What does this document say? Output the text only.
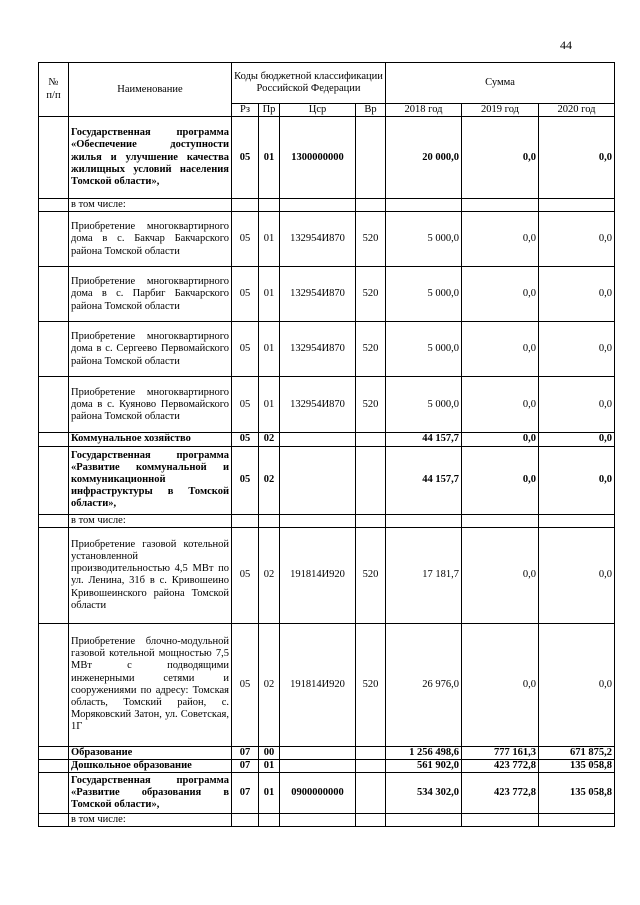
44
№
п/п	Наименование	Коды бюджетной классификации Российской Федерации				Сумма		
		Рз	Пр	Цср	Вр	2018 год	2019 год	2020 год
	Государственная программа «Обеспечение доступности жилья и улучшение качества жилищных условий населения Томской области»,	05	01	1300000000		20 000,0	0,0	0,0
	в том числе:							
	Приобретение многоквартирного дома в с. Бакчар Бакчарского района Томской области	05	01	132954И870	520	5 000,0	0,0	0,0
	Приобретение многоквартирного дома в с. Парбиг Бакчарского района Томской области	05	01	132954И870	520	5 000,0	0,0	0,0
	Приобретение многоквартирного дома в с. Сергеево Первомайского района Томской области	05	01	132954И870	520	5 000,0	0,0	0,0
	Приобретение многоквартирного дома в с. Куяново Первомайского района Томской области	05	01	132954И870	520	5 000,0	0,0	0,0
	Коммунальное хозяйство	05	02			44 157,7	0,0	0,0
	Государственная программа «Развитие коммунальной и коммуникационной инфраструктуры в Томской области»,	05	02			44 157,7	0,0	0,0
	в том числе:							
	Приобретение газовой котельной установленной производительностью 4,5 МВт по ул. Ленина, 31б в с. Кривошеино Кривошеинского района Томской области	05	02	191814И920	520	17 181,7	0,0	0,0
	Приобретение блочно-модульной газовой котельной мощностью 7,5 МВт с подводящими инженерными сетями и сооружениями по адресу: Томская область, Томский район, с. Моряковский Затон, ул. Советская, 1Г	05	02	191814И920	520	26 976,0	0,0	0,0
	Образование	07	00			1 256 498,6	777 161,3	671 875,2
	Дошкольное образование	07	01			561 902,0	423 772,8	135 058,8
	Государственная программа «Развитие образования в Томской области»,	07	01	0900000000		534 302,0	423 772,8	135 058,8
	в том числе:							
